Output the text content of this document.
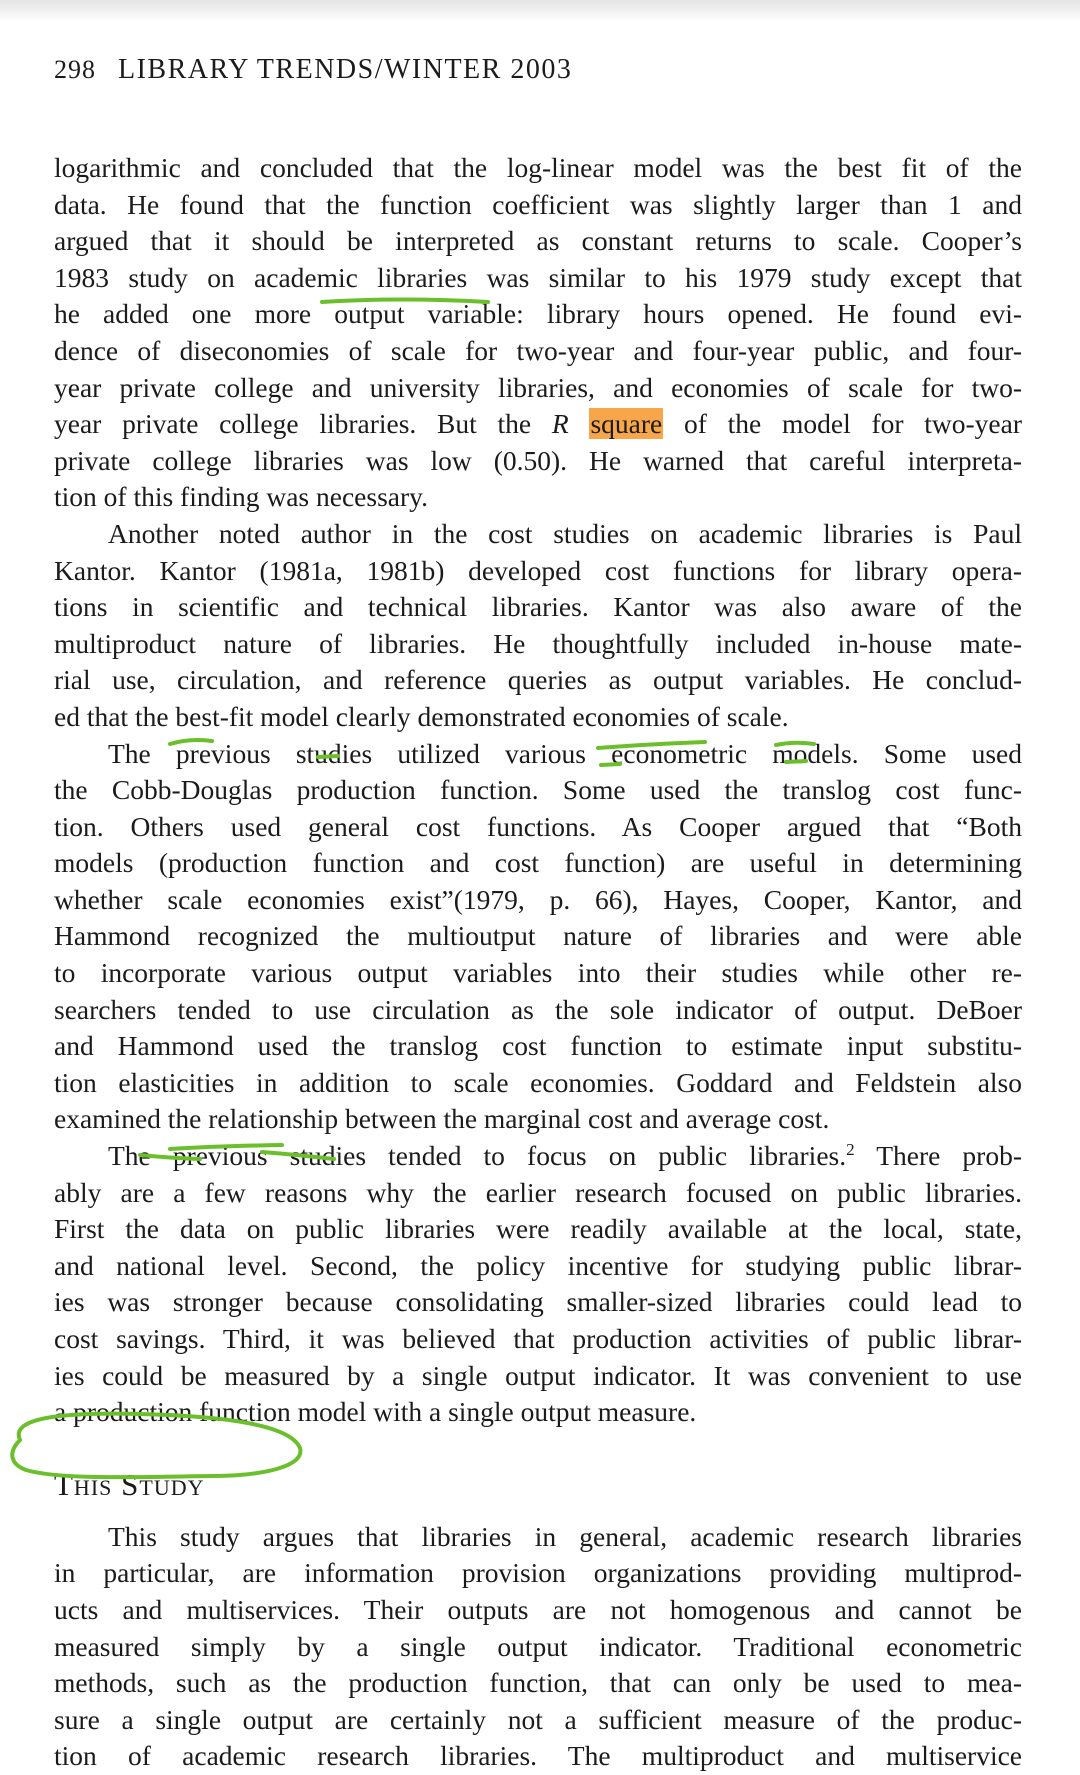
298 LIBRARY TRENDS/WINTER 2003
logarithmic and concluded that the log-linear model was the best fit of the
data. He found that the function coefficient was slightly larger than 1 and
argued that it should be interpreted as constant returns to scale. Cooper’s
1983 study on academic libraries was similar to his 1979 study except that
he added one more output variable: library hours opened. He found evi-
dence of diseconomies of scale for two-year and four-year public, and four-
year private college and university libraries, and economies of scale for two-
year private college libraries. But the R square of the model for two-year
private college libraries was low (0.50). He warned that careful interpreta-
tion of this finding was necessary.
Another noted author in the cost studies on academic libraries is Paul
Kantor. Kantor (1981a, 1981b) developed cost functions for library opera-
tions in scientific and technical libraries. Kantor was also aware of the
multiproduct nature of libraries. He thoughtfully included in-house mate-
rial use, circulation, and reference queries as output variables. He conclud-
ed that the best-fit model clearly demonstrated economies of scale.
The previous studies utilized various econometric models. Some used
the Cobb-Douglas production function. Some used the translog cost func-
tion. Others used general cost functions. As Cooper argued that “Both
models (production function and cost function) are useful in determining
whether scale economies exist”(1979, p. 66), Hayes, Cooper, Kantor, and
Hammond recognized the multioutput nature of libraries and were able
to incorporate various output variables into their studies while other re-
searchers tended to use circulation as the sole indicator of output. DeBoer
and Hammond used the translog cost function to estimate input substitu-
tion elasticities in addition to scale economies. Goddard and Feldstein also
examined the relationship between the marginal cost and average cost.
The previous studies tended to focus on public libraries.$^2$ There prob-
ably are a few reasons why the earlier research focused on public libraries.
First the data on public libraries were readily available at the local, state,
and national level. Second, the policy incentive for studying public librar-
ies was stronger because consolidating smaller-sized libraries could lead to
cost savings. Third, it was believed that production activities of public librar-
ies could be measured by a single output indicator. It was convenient to use
a production function model with a single output measure.
This Study
This study argues that libraries in general, academic research libraries
in particular, are information provision organizations providing multiprod-
ucts and multiservices. Their outputs are not homogenous and cannot be
measured simply by a single output indicator. Traditional econometric
methods, such as the production function, that can only be used to mea-
sure a single output are certainly not a sufficient measure of the produc-
tion of academic research libraries. The multiproduct and multiservice
